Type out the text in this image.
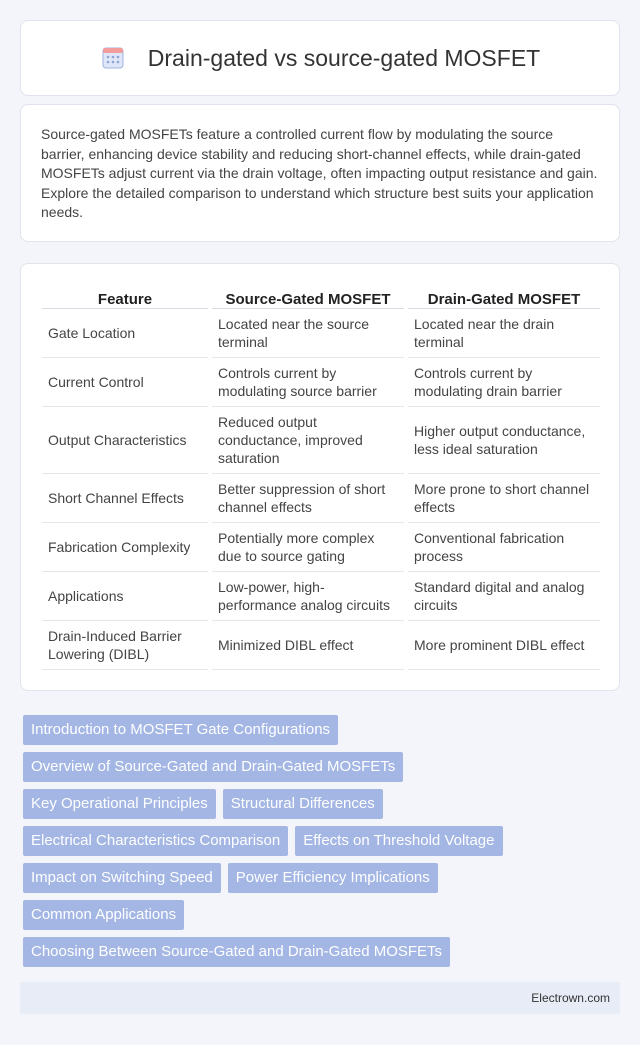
Drain-gated vs source-gated MOSFET

Source-gated MOSFETs feature a controlled current flow by modulating the source barrier, enhancing device stability and reducing short-channel effects, while drain-gated MOSFETs adjust current via the drain voltage, often impacting output resistance and gain. Explore the detailed comparison to understand which structure best suits your application needs.

Feature	Source-Gated MOSFET	Drain-Gated MOSFET
Gate Location	Located near the source terminal	Located near the drain terminal
Current Control	Controls current by modulating source barrier	Controls current by modulating drain barrier
Output Characteristics	Reduced output conductance, improved saturation	Higher output conductance, less ideal saturation
Short Channel Effects	Better suppression of short channel effects	More prone to short channel effects
Fabrication Complexity	Potentially more complex due to source gating	Conventional fabrication process
Applications	Low-power, high-performance analog circuits	Standard digital and analog circuits
Drain-Induced Barrier Lowering (DIBL)	Minimized DIBL effect	More prominent DIBL effect
Introduction to MOSFET Gate Configurations
Overview of Source-Gated and Drain-Gated MOSFETs
Key Operational Principles	Structural Differences
Electrical Characteristics Comparison	Effects on Threshold Voltage
Impact on Switching Speed	Power Efficiency Implications
Common Applications
Choosing Between Source-Gated and Drain-Gated MOSFETs
Electrown.com
